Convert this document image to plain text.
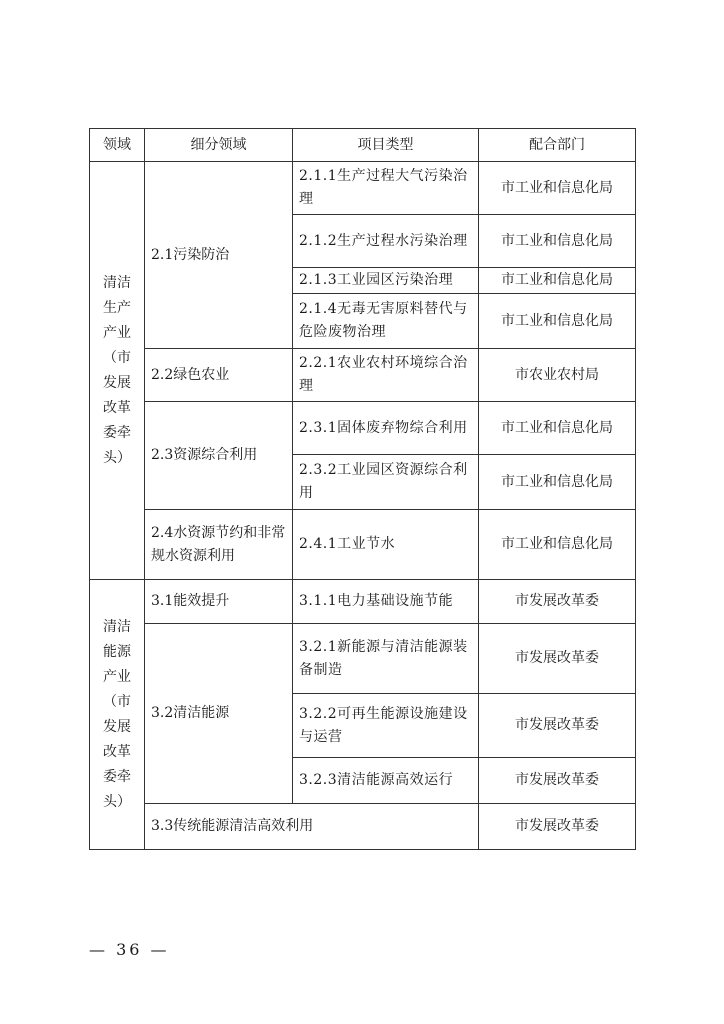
领域	细分领域	项目类型	配合部门
清洁生产产业（市发展改革委牵头）	2.1污染防治	2.1.1生产过程大气污染治理	市工业和信息化局
		2.1.2生产过程水污染治理	市工业和信息化局
		2.1.3工业园区污染治理	市工业和信息化局
		2.1.4无毒无害原料替代与危险废物治理	市工业和信息化局
	2.2绿色农业	2.2.1农业农村环境综合治理	市农业农村局
	2.3资源综合利用	2.3.1固体废弃物综合利用	市工业和信息化局
		2.3.2工业园区资源综合利用	市工业和信息化局
	2.4水资源节约和非常规水资源利用	2.4.1工业节水	市工业和信息化局
清洁能源产业（市发展改革委牵头）	3.1能效提升	3.1.1电力基础设施节能	市发展改革委
	3.2清洁能源	3.2.1新能源与清洁能源装备制造	市发展改革委
		3.2.2可再生能源设施建设与运营	市发展改革委
		3.2.3清洁能源高效运行	市发展改革委
	3.3传统能源清洁高效利用		市发展改革委
— 36 —
